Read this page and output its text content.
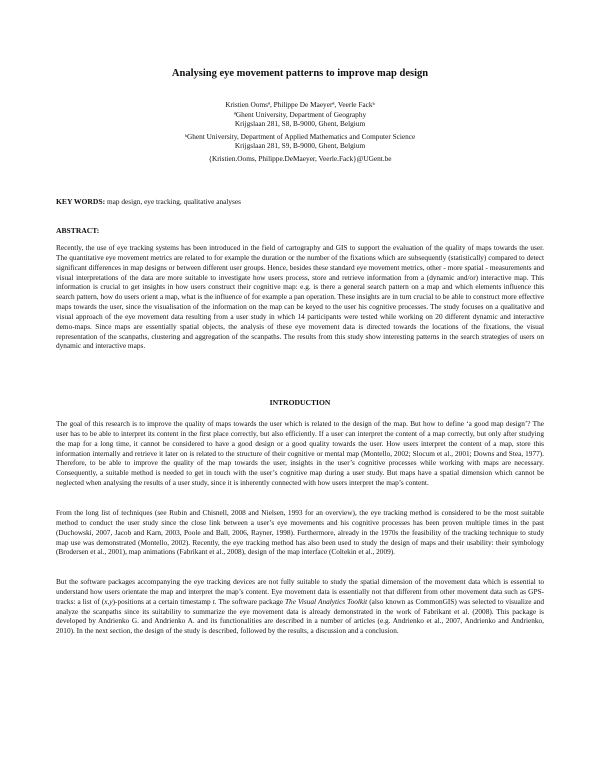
Analysing eye movement patterns to improve map design

Kristien Oomsª, Philippe De Maeyerª, Veerle Fackᵇ

ªGhent University, Department of Geography

Krijgslaan 281, S8, B-9000, Ghent, Belgium

ᵇGhent University, Department of Applied Mathematics and Computer Science

Krijgslaan 281, S9, B-9000, Ghent, Belgium

{Kristien.Ooms, Philippe.DeMaeyer, Veerle.Fack}@UGent.be

KEY WORDS: map design, eye tracking, qualitative analyses
ABSTRACT:

Recently, the use of eye tracking systems has been introduced in the field of cartography and GIS to support the evaluation of the quality of maps towards the user. The quantitative eye movement metrics are related to for example the duration or the number of the fixations which are subsequently (statistically) compared to detect significant differences in map designs or between different user groups. Hence, besides these standard eye movement metrics, other - more spatial - measurements and visual interpretations of the data are more suitable to investigate how users process, store and retrieve information from a (dynamic and/or) interactive map. This information is crucial to get insights in how users construct their cognitive map: e.g. is there a general search pattern on a map and which elements influence this search pattern, how do users orient a map, what is the influence of for example a pan operation. These insights are in turn crucial to be able to construct more effective maps towards the user, since the visualisation of the information on the map can be keyed to the user his cognitive processes. The study focuses on a qualitative and visual approach of the eye movement data resulting from a user study in which 14 participants were tested while working on 20 different dynamic and interactive demo-maps. Since maps are essentially spatial objects, the analysis of these eye movement data is directed towards the locations of the fixations, the visual representation of the scanpaths, clustering and aggregation of the scanpaths. The results from this study show interesting patterns in the search strategies of users on dynamic and interactive maps.

INTRODUCTION

The goal of this research is to improve the quality of maps towards the user which is related to the design of the map. But how to define ‘a good map design’? The user has to be able to interpret its content in the first place correctly, but also efficiently. If a user can interpret the content of a map correctly, but only after studying the map for a long time, it cannot be considered to have a good design or a good quality towards the user. How users interpret the content of a map, store this information internally and retrieve it later on is related to the structure of their cognitive or mental map (Montello, 2002; Slocum et al., 2001; Downs and Stea, 1977). Therefore, to be able to improve the quality of the map towards the user, insights in the user’s cognitive processes while working with maps are necessary. Consequently, a suitable method is needed to get in touch with the user’s cognitive map during a user study. But maps have a spatial dimension which cannot be neglected when analysing the results of a user study, since it is inherently connected with how users interpret the map’s content.

From the long list of techniques (see Rubin and Chisnell, 2008 and Nielsen, 1993 for an overview), the eye tracking method is considered to be the most suitable method to conduct the user study since the close link between a user’s eye movements and his cognitive processes has been proven multiple times in the past (Duchowski, 2007, Jacob and Karn, 2003, Poole and Ball, 2006, Rayner, 1998). Furthermore, already in the 1970s the feasibility of the tracking technique to study map use was demonstrated (Montello, 2002). Recently, the eye tracking method has also been used to study the design of maps and their usability: their symbology (Brodersen et al., 2001), map animations (Fabrikant et al., 2008), design of the map interface (Coltekin et al., 2009).

But the software packages accompanying the eye tracking devices are not fully suitable to study the spatial dimension of the movement data which is essential to understand how users orientate the map and interpret the map’s content. Eye movement data is essentially not that different from other movement data such as GPS-tracks: a list of (x,y)-positions at a certain timestamp t. The software package The Visual Analytics Toolkit (also known as CommonGIS) was selected to visualize and analyze the scanpaths since its suitability to summarize the eye movement data is already demonstrated in the work of Fabrikant et al. (2008). This package is developed by Andrienko G. and Andrienko A. and its functionalities are described in a number of articles (e.g. Andrienko et al., 2007, Andrienko and Andrienko, 2010). In the next section, the design of the study is described, followed by the results, a discussion and a conclusion.
